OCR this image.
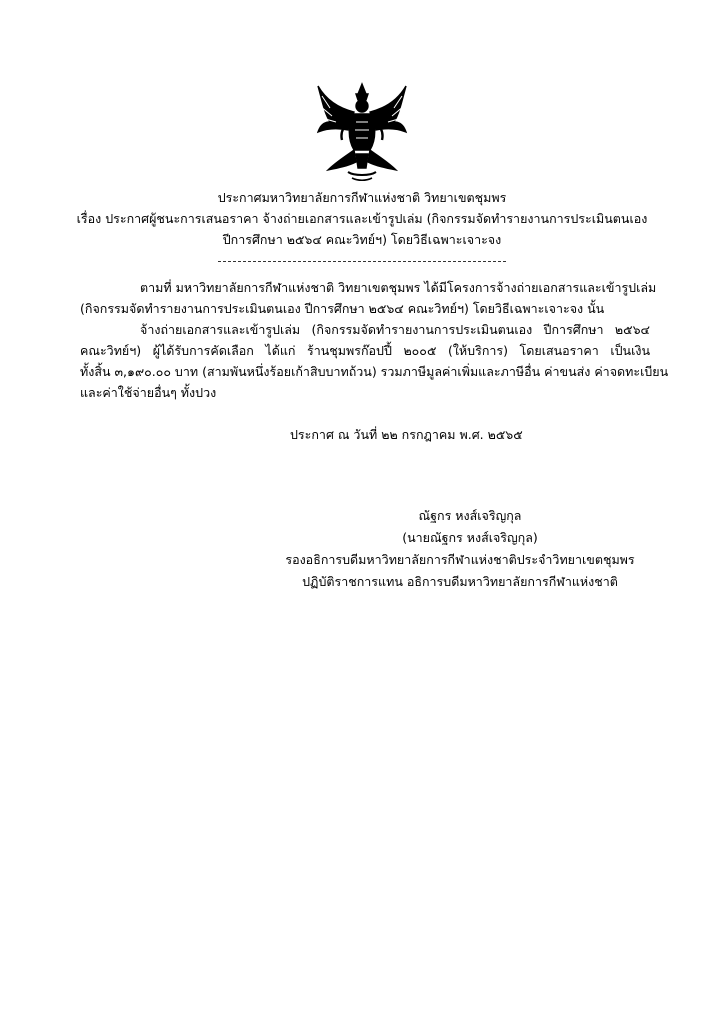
ประกาศมหาวิทยาลัยการกีฬาแห่งชาติ วิทยาเขตชุมพร
เรื่อง ประกาศผู้ชนะการเสนอราคา จ้างถ่ายเอกสารและเข้ารูปเล่ม (กิจกรรมจัดทำรายงานการประเมินตนเอง
ปีการศึกษา ๒๕๖๔ คณะวิทย์ฯ) โดยวิธีเฉพาะเจาะจง
ตามที่ มหาวิทยาลัยการกีฬาแห่งชาติ วิทยาเขตชุมพร ได้มีโครงการจ้างถ่ายเอกสารและเข้ารูปเล่ม
(กิจกรรมจัดทำรายงานการประเมินตนเอง ปีการศึกษา ๒๕๖๔ คณะวิทย์ฯ) โดยวิธีเฉพาะเจาะจง นั้น
จ้างถ่ายเอกสารและเข้ารูปเล่ม (กิจกรรมจัดทำรายงานการประเมินตนเอง ปีการศึกษา ๒๕๖๔
คณะวิทย์ฯ) ผู้ได้รับการคัดเลือก ได้แก่ ร้านชุมพรก๊อปปี้ ๒๐๐๕ (ให้บริการ) โดยเสนอราคา เป็นเงิน
ทั้งสิ้น ๓,๑๙๐.๐๐ บาท (สามพันหนึ่งร้อยเก้าสิบบาทถ้วน) รวมภาษีมูลค่าเพิ่มและภาษีอื่น ค่าขนส่ง ค่าจดทะเบียน
และค่าใช้จ่ายอื่นๆ ทั้งปวง
ประกาศ ณ วันที่ ๒๒ กรกฎาคม พ.ศ. ๒๕๖๕
ณัฐกร หงส์เจริญกุล
(นายณัฐกร หงส์เจริญกุล)
รองอธิการบดีมหาวิทยาลัยการกีฬาแห่งชาติประจำวิทยาเขตชุมพร
ปฏิบัติราชการแทน อธิการบดีมหาวิทยาลัยการกีฬาแห่งชาติ
